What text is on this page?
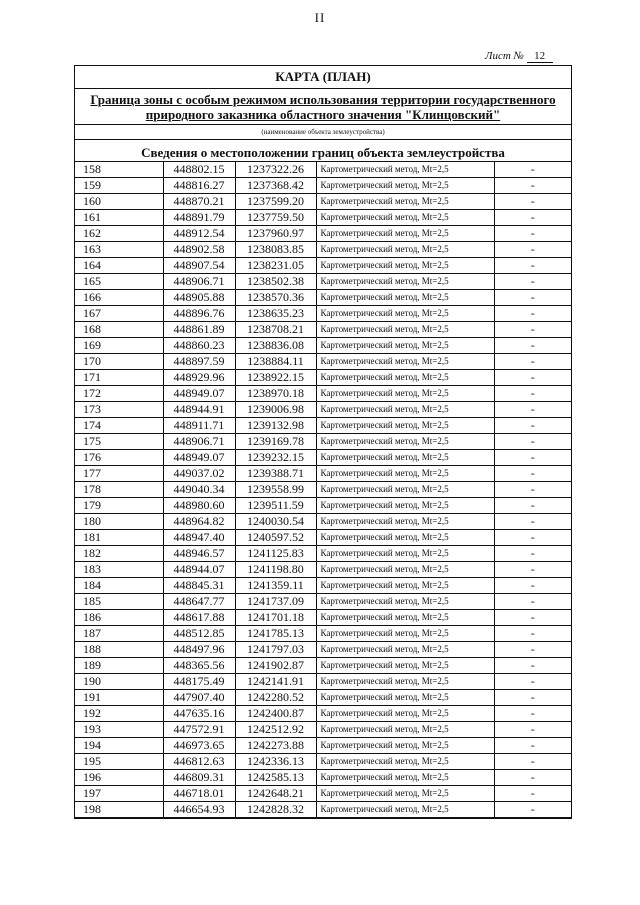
II
Лист № 12
КАРТА (ПЛАН)
Граница зоны с особым режимом использования территории государственного природного заказника областного значения "Клинцовский"
(наименование объекта землеустройства)
Сведения о местоположении границ объекта землеустройства
158	448802.15	1237322.26	Картометрический метод, Mt=2,5	-
159	448816.27	1237368.42	Картометрический метод, Mt=2,5	-
160	448870.21	1237599.20	Картометрический метод, Mt=2,5	-
161	448891.79	1237759.50	Картометрический метод, Mt=2,5	-
162	448912.54	1237960.97	Картометрический метод, Mt=2,5	-
163	448902.58	1238083.85	Картометрический метод, Mt=2,5	-
164	448907.54	1238231.05	Картометрический метод, Mt=2,5	-
165	448906.71	1238502.38	Картометрический метод, Mt=2,5	-
166	448905.88	1238570.36	Картометрический метод, Mt=2,5	-
167	448896.76	1238635.23	Картометрический метод, Mt=2,5	-
168	448861.89	1238708.21	Картометрический метод, Mt=2,5	-
169	448860.23	1238836.08	Картометрический метод, Mt=2,5	-
170	448897.59	1238884.11	Картометрический метод, Mt=2,5	-
171	448929.96	1238922.15	Картометрический метод, Mt=2,5	-
172	448949.07	1238970.18	Картометрический метод, Mt=2,5	-
173	448944.91	1239006.98	Картометрический метод, Mt=2,5	-
174	448911.71	1239132.98	Картометрический метод, Mt=2,5	-
175	448906.71	1239169.78	Картометрический метод, Mt=2,5	-
176	448949.07	1239232.15	Картометрический метод, Mt=2,5	-
177	449037.02	1239388.71	Картометрический метод, Mt=2,5	-
178	449040.34	1239558.99	Картометрический метод, Mt=2,5	-
179	448980.60	1239511.59	Картометрический метод, Mt=2,5	-
180	448964.82	1240030.54	Картометрический метод, Mt=2,5	-
181	448947.40	1240597.52	Картометрический метод, Mt=2,5	-
182	448946.57	1241125.83	Картометрический метод, Mt=2,5	-
183	448944.07	1241198.80	Картометрический метод, Mt=2,5	-
184	448845.31	1241359.11	Картометрический метод, Mt=2,5	-
185	448647.77	1241737.09	Картометрический метод, Mt=2,5	-
186	448617.88	1241701.18	Картометрический метод, Mt=2,5	-
187	448512.85	1241785.13	Картометрический метод, Mt=2,5	-
188	448497.96	1241797.03	Картометрический метод, Mt=2,5	-
189	448365.56	1241902.87	Картометрический метод, Mt=2,5	-
190	448175.49	1242141.91	Картометрический метод, Mt=2,5	-
191	447907.40	1242280.52	Картометрический метод, Mt=2,5	-
192	447635.16	1242400.87	Картометрический метод, Mt=2,5	-
193	447572.91	1242512.92	Картометрический метод, Mt=2,5	-
194	446973.65	1242273.88	Картометрический метод, Mt=2,5	-
195	446812.63	1242336.13	Картометрический метод, Mt=2,5	-
196	446809.31	1242585.13	Картометрический метод, Mt=2,5	-
197	446718.01	1242648.21	Картометрический метод, Mt=2,5	-
198	446654.93	1242828.32	Картометрический метод, Mt=2,5	-
